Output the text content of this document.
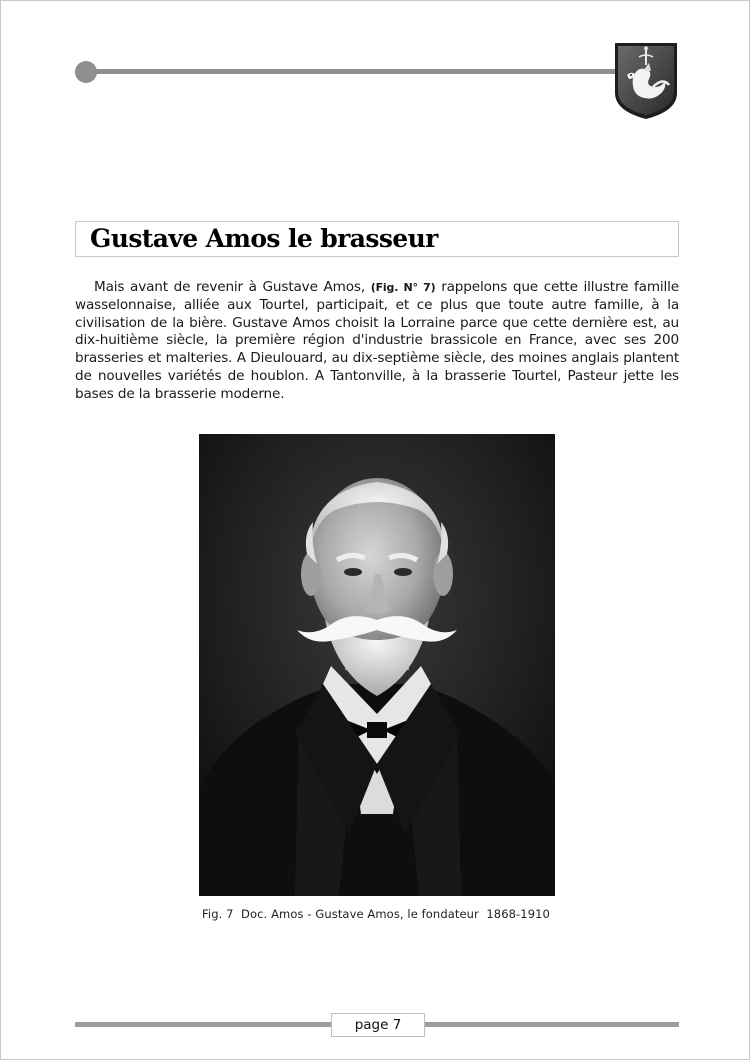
Gustave Amos le brasseur

Mais avant de revenir à Gustave Amos, (Fig. N° 7) rappelons que cette illustre famille wasselonnaise, alliée aux Tourtel, participait, et ce plus que toute autre famille, à la civilisation de la bière. Gustave Amos choisit la Lorraine parce que cette dernière est, au dix-huitième siècle, la première région d'industrie brassicole en France, avec ses 200 brasseries et malteries. A Dieulouard, au dix-septième siècle, des moines anglais plantent de nouvelles variétés de houblon. A Tantonville, à la brasserie Tourtel, Pasteur jette les bases de la brasserie moderne.

Fig. 7  Doc. Amos - Gustave Amos, le fondateur  1868-1910
page 7
